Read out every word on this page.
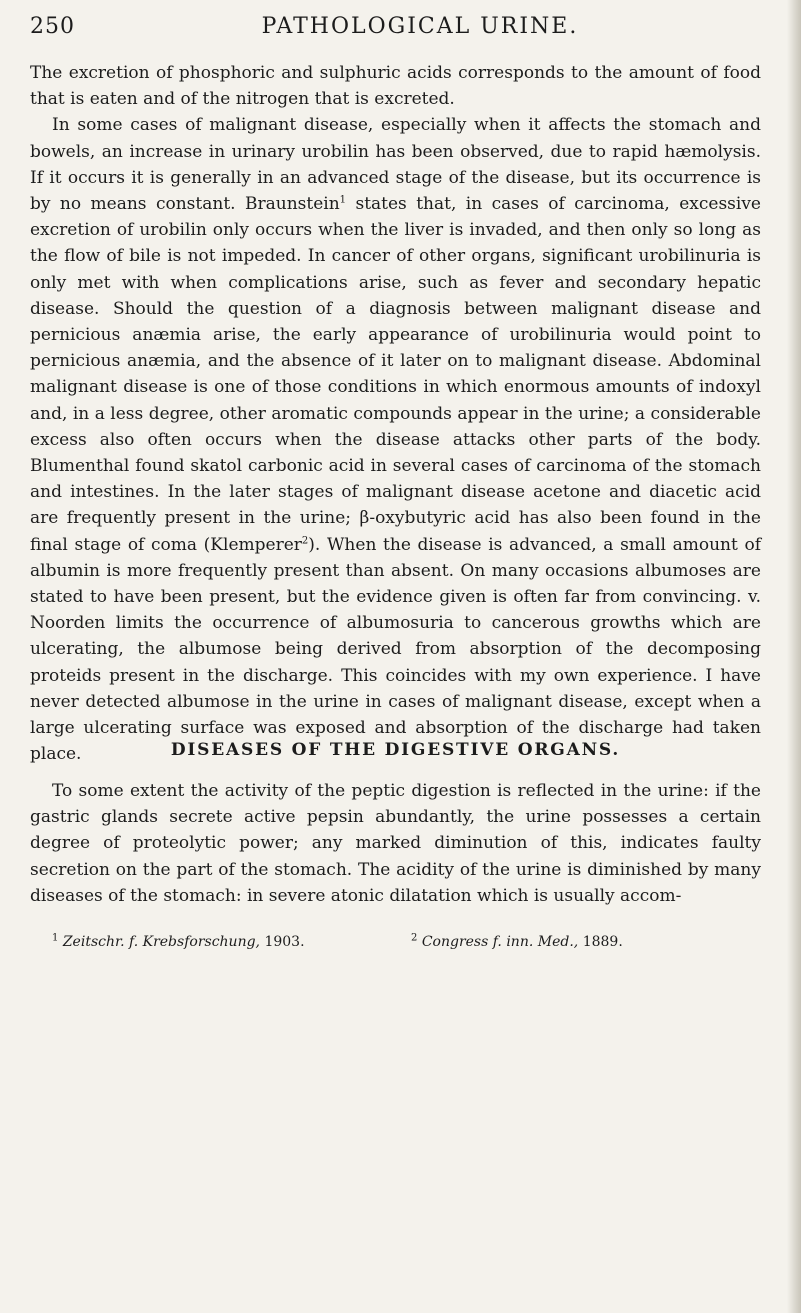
250	PATHOLOGICAL URINE.

The excretion of phosphoric and sulphuric acids corresponds to the amount of food that is eaten and of the nitrogen that is excreted.

In some cases of malignant disease, especially when it affects the stomach and bowels, an increase in urinary urobilin has been observed, due to rapid hæmolysis. If it occurs it is generally in an advanced stage of the disease, but its occurrence is by no means constant. Braunstein$^1$ states that, in cases of carcinoma, excessive excretion of urobilin only occurs when the liver is invaded, and then only so long as the flow of bile is not impeded. In cancer of other organs, significant urobilinuria is only met with when complications arise, such as fever and secondary hepatic disease. Should the question of a diagnosis between malignant disease and pernicious anæmia arise, the early appearance of urobilinuria would point to pernicious anæmia, and the absence of it later on to malignant disease. Abdominal malignant disease is one of those conditions in which enormous amounts of indoxyl and, in a less degree, other aromatic compounds appear in the urine; a considerable excess also often occurs when the disease attacks other parts of the body. Blumenthal found skatol carbonic acid in several cases of carcinoma of the stomach and intestines. In the later stages of malignant disease acetone and diacetic acid are frequently present in the urine; β-oxybutyric acid has also been found in the final stage of coma (Klemperer$^2$). When the disease is advanced, a small amount of albumin is more frequently present than absent. On many occasions albumoses are stated to have been present, but the evidence given is often far from convincing. v. Noorden limits the occurrence of albumosuria to cancerous growths which are ulcerating, the albumose being derived from absorption of the decomposing proteids present in the discharge. This coincides with my own experience. I have never detected albumose in the urine in cases of malignant disease, except when a large ulcerating surface was exposed and absorption of the discharge had taken place.	DISEASES OF THE DIGESTIVE ORGANS.

To some extent the activity of the peptic digestion is reflected in the urine: if the gastric glands secrete active pepsin abundantly, the urine possesses a certain degree of proteolytic power; any marked diminution of this, indicates faulty secretion on the part of the stomach. The acidity of the urine is diminished by many diseases of the stomach: in severe atonic dilatation which is usually accom-

$^1$ Zeitschr. f. Krebsforschung, 1903.	$^2$ Congress f. inn. Med., 1889.
